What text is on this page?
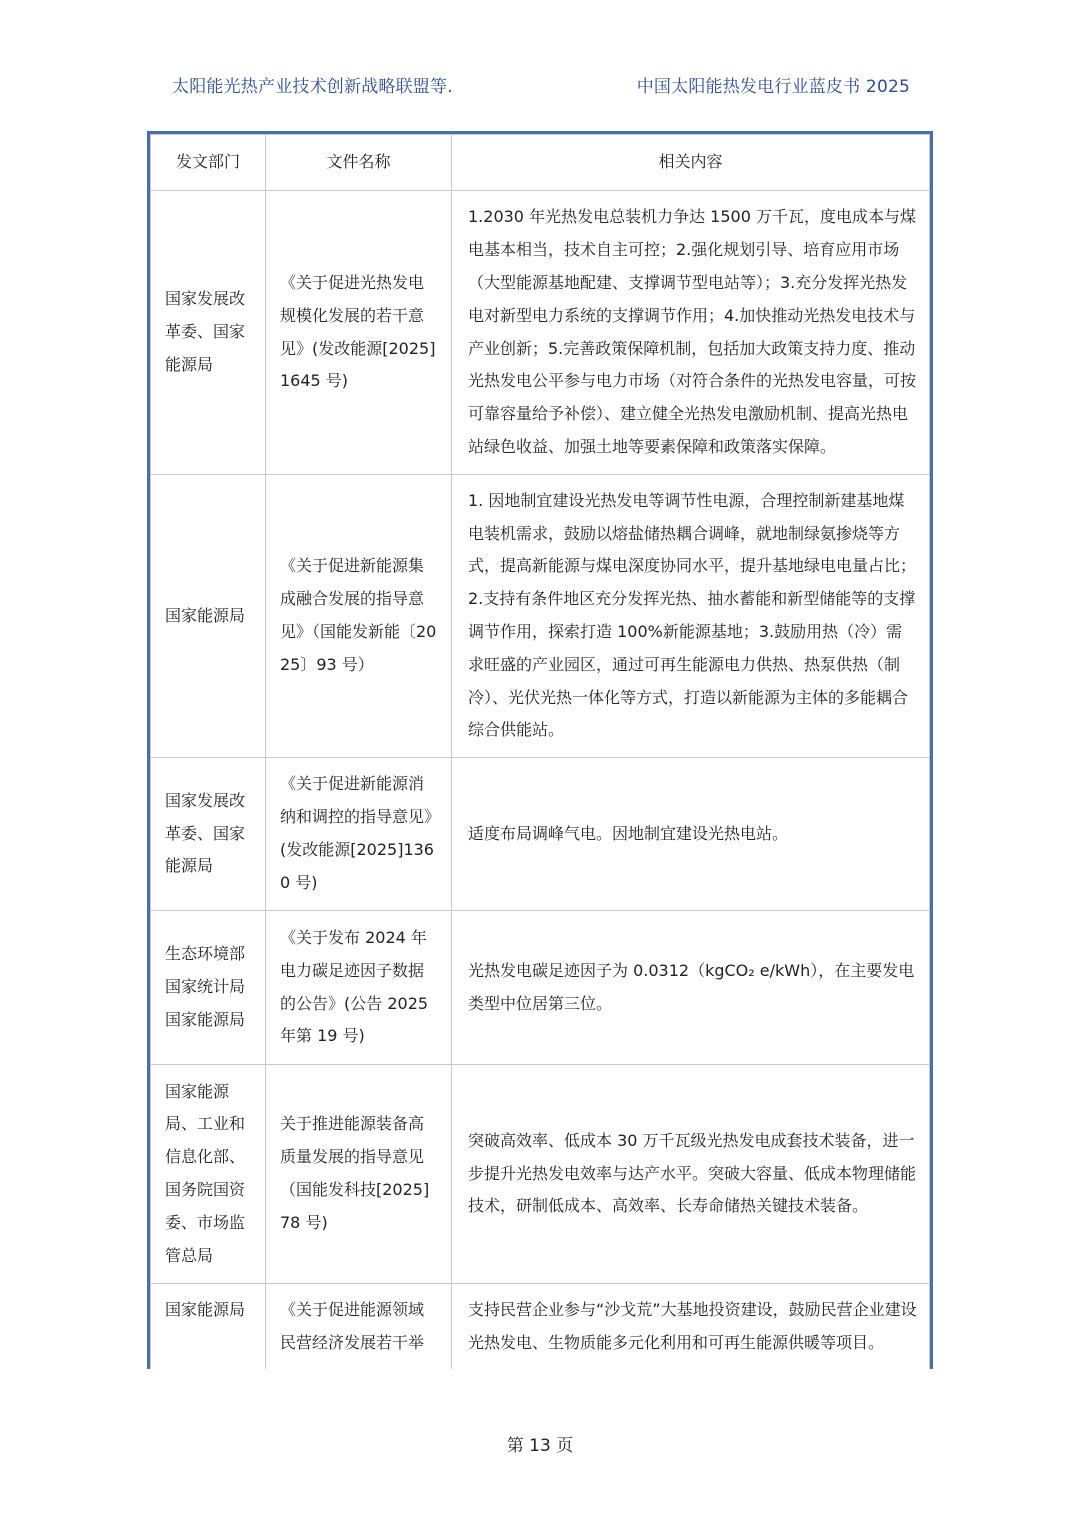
太阳能光热产业技术创新战略联盟等.	中国太阳能热发电行业蓝皮书 2025
发文部门	文件名称	相关内容
国家发展改革委、国家能源局	《关于促进光热发电规模化发展的若干意见》(发改能源[2025]1645 号)	1.2030 年光热发电总装机力争达 1500 万千瓦，度电成本与煤电基本相当，技术自主可控；2.强化规划引导、培育应用市场（大型能源基地配建、支撑调节型电站等）；3.充分发挥光热发电对新型电力系统的支撑调节作用；4.加快推动光热发电技术与产业创新；5.完善政策保障机制，包括加大政策支持力度、推动光热发电公平参与电力市场（对符合条件的光热发电容量，可按可靠容量给予补偿）、建立健全光热发电激励机制、提高光热电站绿色收益、加强土地等要素保障和政策落实保障。
国家能源局	《关于促进新能源集成融合发展的指导意见》（国能发新能〔2025〕93 号）	1. 因地制宜建设光热发电等调节性电源，合理控制新建基地煤电装机需求，鼓励以熔盐储热耦合调峰，就地制绿氨掺烧等方式，提高新能源与煤电深度协同水平，提升基地绿电电量占比；2.支持有条件地区充分发挥光热、抽水蓄能和新型储能等的支撑调节作用，探索打造 100%新能源基地；3.鼓励用热（冷）需求旺盛的产业园区，通过可再生能源电力供热、热泵供热（制冷）、光伏光热一体化等方式，打造以新能源为主体的多能耦合综合供能站。
国家发展改革委、国家能源局	《关于促进新能源消纳和调控的指导意见》(发改能源[2025]1360 号)	适度布局调峰气电。因地制宜建设光热电站。
生态环境部 国家统计局 国家能源局	《关于发布 2024 年电力碳足迹因子数据的公告》(公告 2025 年第 19 号)	光热发电碳足迹因子为 0.0312（kgCO₂ e/kWh），在主要发电类型中位居第三位。
国家能源局、工业和信息化部、国务院国资委、市场监管总局	关于推进能源装备高质量发展的指导意见（国能发科技[2025]78 号)	突破高效率、低成本 30 万千瓦级光热发电成套技术装备，进一步提升光热发电效率与达产水平。突破大容量、低成本物理储能技术，研制低成本、高效率、长寿命储热关键技术装备。
国家能源局	《关于促进能源领域民营经济发展若干举	支持民营企业参与“沙戈荒”大基地投资建设，鼓励民营企业建设光热发电、生物质能多元化利用和可再生能源供暖等项目。
第 13 页
